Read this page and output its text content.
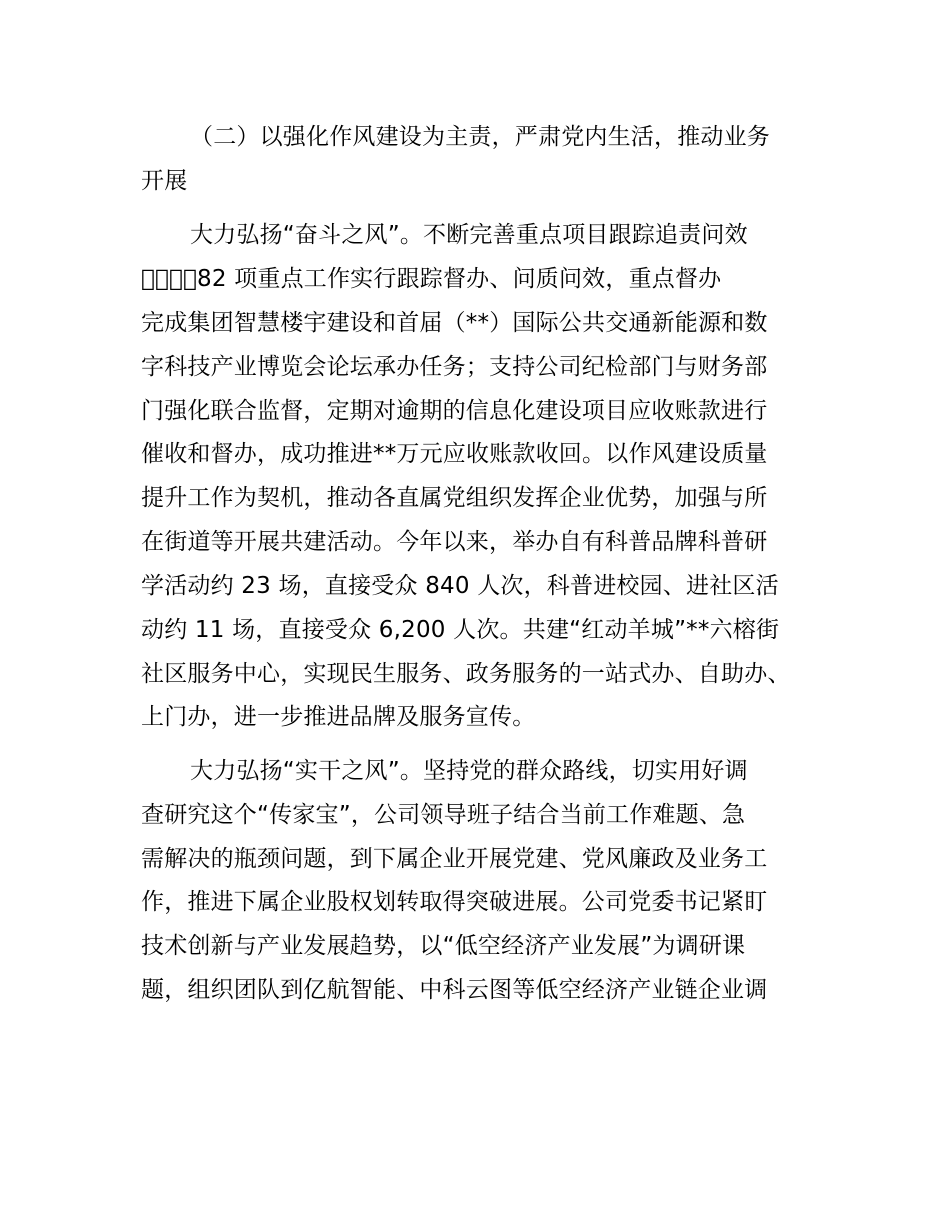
（二）以强化作风建设为主责，严肃党内生活，推动业务
开展
大力弘扬“奋斗之风”。不断完善重点项目跟踪追责问效
􏿾􏿾􏿾􏿾82 项重点工作实行跟踪督办、问质问效，重点督办
完成集团智慧楼宇建设和首届（**）国际公共交通新能源和数
字科技产业博览会论坛承办任务；支持公司纪检部门与财务部
门强化联合监督，定期对逾期的信息化建设项目应收账款进行
催收和督办，成功推进**万元应收账款收回。以作风建设质量
提升工作为契机，推动各直属党组织发挥企业优势，加强与所
在街道等开展共建活动。今年以来，举办自有科普品牌科普研
学活动约 23 场，直接受众 840 人次，科普进校园、进社区活
动约 11 场，直接受众 6,200 人次。共建“红动羊城”**六榕街
社区服务中心，实现民生服务、政务服务的一站式办、自助办、
上门办，进一步推进品牌及服务宣传。
大力弘扬“实干之风”。坚持党的群众路线，切实用好调
查研究这个“传家宝”，公司领导班子结合当前工作难题、急
需解决的瓶颈问题，到下属企业开展党建、党风廉政及业务工
作，推进下属企业股权划转取得突破进展。公司党委书记紧盯
技术创新与产业发展趋势，以“低空经济产业发展”为调研课
题，组织团队到亿航智能、中科云图等低空经济产业链企业调
